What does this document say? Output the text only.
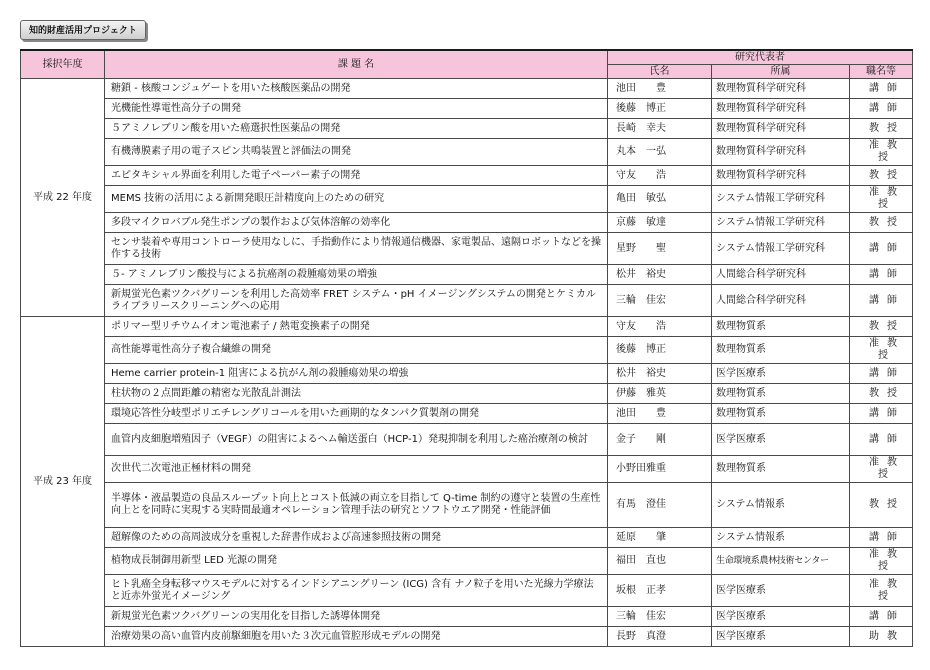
知的財産活用プロジェクト
採択年度	課 題 名	研究代表者		
		氏名	所属	職名等
平成 22 年度	糖鎖 - 核酸コンジュゲートを用いた核酸医薬品の開発	池田　　豊	数理物質科学研究科	講師
	光機能性導電性高分子の開発	後藤　博正	数理物質科学研究科	講師
	５アミノレブリン酸を用いた癌選択性医薬品の開発	長崎　幸夫	数理物質科学研究科	教授
	有機薄膜素子用の電子スピン共鳴装置と評価法の開発	丸本　一弘	数理物質科学研究科	准教授
	エピタキシャル界面を利用した電子ペーパー素子の開発	守友　　浩	数理物質科学研究科	教授
	MEMS 技術の活用による新開発眼圧計精度向上のための研究	亀田　敏弘	システム情報工学研究科	准教授
	多段マイクロバブル発生ポンプの製作および気体溶解の効率化	京藤　敏達	システム情報工学研究科	教授
	センサ装着や専用コントローラ使用なしに、手指動作により情報通信機器、家電製品、遠隔ロボットなどを操作する技術	星野　　聖	システム情報工学研究科	講師
	５- アミノレブリン酸投与による抗癌剤の殺腫瘍効果の増強	松井　裕史	人間総合科学研究科	講師
	新規蛍光色素ツクバグリーンを利用した高効率 FRET システム・pH イメージングシステムの開発とケミカルライブラリースクリーニングへの応用	三輪　佳宏	人間総合科学研究科	講師
平成 23 年度	ポリマー型リチウムイオン電池素子 / 熱電変換素子の開発	守友　　浩	数理物質系	教授
	高性能導電性高分子複合繊維の開発	後藤　博正	数理物質系	准教授
	Heme carrier protein-1 阻害による抗がん剤の殺腫瘍効果の増強	松井　裕史	医学医療系	講師
	柱状物の２点間距離の精密な光散乱計測法	伊藤　雅英	数理物質系	教授
	環境応答性分岐型ポリエチレングリコールを用いた画期的なタンパク質製剤の開発	池田　　豊	数理物質系	講師
	血管内皮細胞増殖因子（VEGF）の阻害によるヘム輸送蛋白（HCP-1）発現抑制を利用した癌治療剤の検討	金子　　剛	医学医療系	講師
	次世代二次電池正極材料の開発	小野田雅重	数理物質系	准教授
	半導体・液晶製造の良品スループット向上とコスト低減の両立を目指して Q-time 制約の遵守と装置の生産性向上とを同時に実現する実時間最適オペレーション管理手法の研究とソフトウエア開発・性能評価	有馬　澄佳	システム情報系	教授
	超解像のための高周波成分を重視した辞書作成および高速参照技術の開発	延原　　肇	システム情報系	講師
	植物成長制御用新型 LED 光源の開発	福田　直也	生命環境系農林技術センター	准教授
	ヒト乳癌全身転移マウスモデルに対するインドシアニングリーン (ICG) 含有 ナノ粒子を用いた光線力学療法と近赤外蛍光イメージング	坂根　正孝	医学医療系	准教授
	新規蛍光色素ツクバグリーンの実用化を目指した誘導体開発	三輪　佳宏	医学医療系	講師
	治療効果の高い血管内皮前駆細胞を用いた３次元血管腔形成モデルの開発	長野　真澄	医学医療系	助教
